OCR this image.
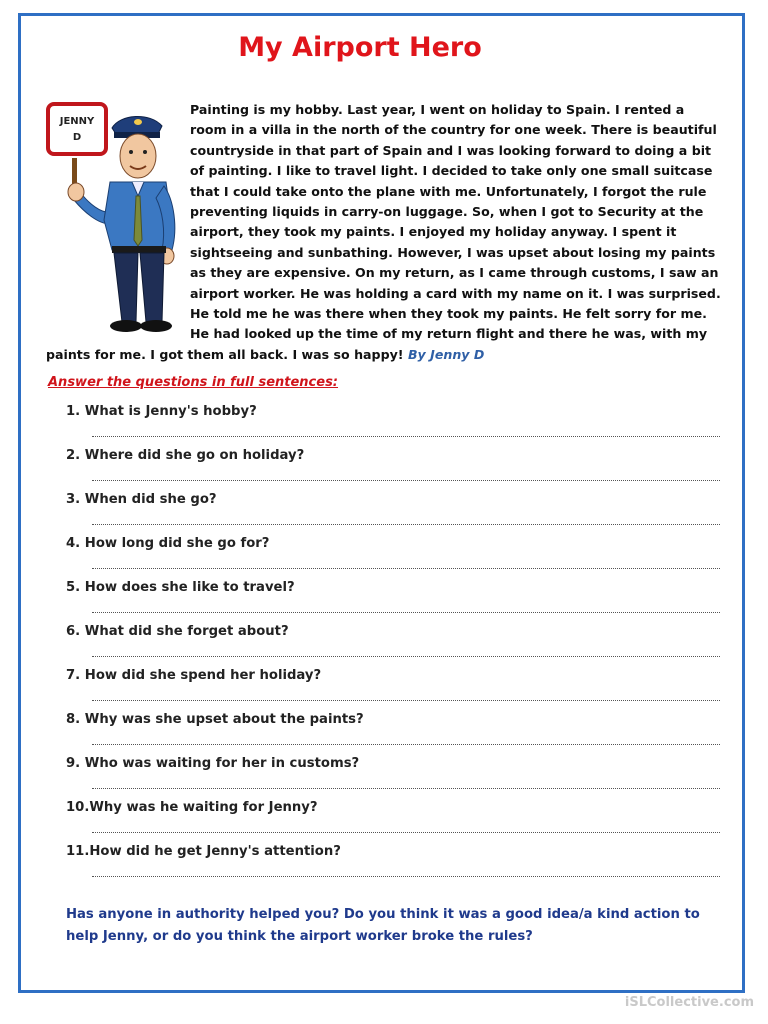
My Airport Hero
JENNY
D
Painting is my hobby. Last year, I went on holiday to Spain. I rented a room in a villa in the north of the country for one week. There is beautiful countryside in that part of Spain and I was looking forward to doing a bit of painting. I like to travel light. I decided to take only one small suitcase that I could take onto the plane with me. Unfortunately, I forgot the rule preventing liquids in carry-on luggage. So, when I got to Security at the airport, they took my paints. I enjoyed my holiday anyway. I spent it sightseeing and sunbathing. However, I was upset about losing my paints as they are expensive. On my return, as I came through customs, I saw an airport worker. He was holding a card with my name on it. I was surprised. He told me he was there when they took my paints. He felt sorry for me. He had looked up the time of my return flight and there he was, with my paints for me. I got them all back. I was so happy! By Jenny D
Answer the questions in full sentences:
1. What is Jenny's hobby?
2. Where did she go on holiday?
3. When did she go?
4. How long did she go for?
5. How does she like to travel?
6. What did she forget about?
7. How did she spend her holiday?
8. Why was she upset about the paints?
9. Who was waiting for her in customs?
10.Why was he waiting for Jenny?
11.How did he get Jenny's attention?
Has anyone in authority helped you? Do you think it was a good idea/a kind action to help Jenny, or do you think the airport worker broke the rules?
iSLCollective.com
